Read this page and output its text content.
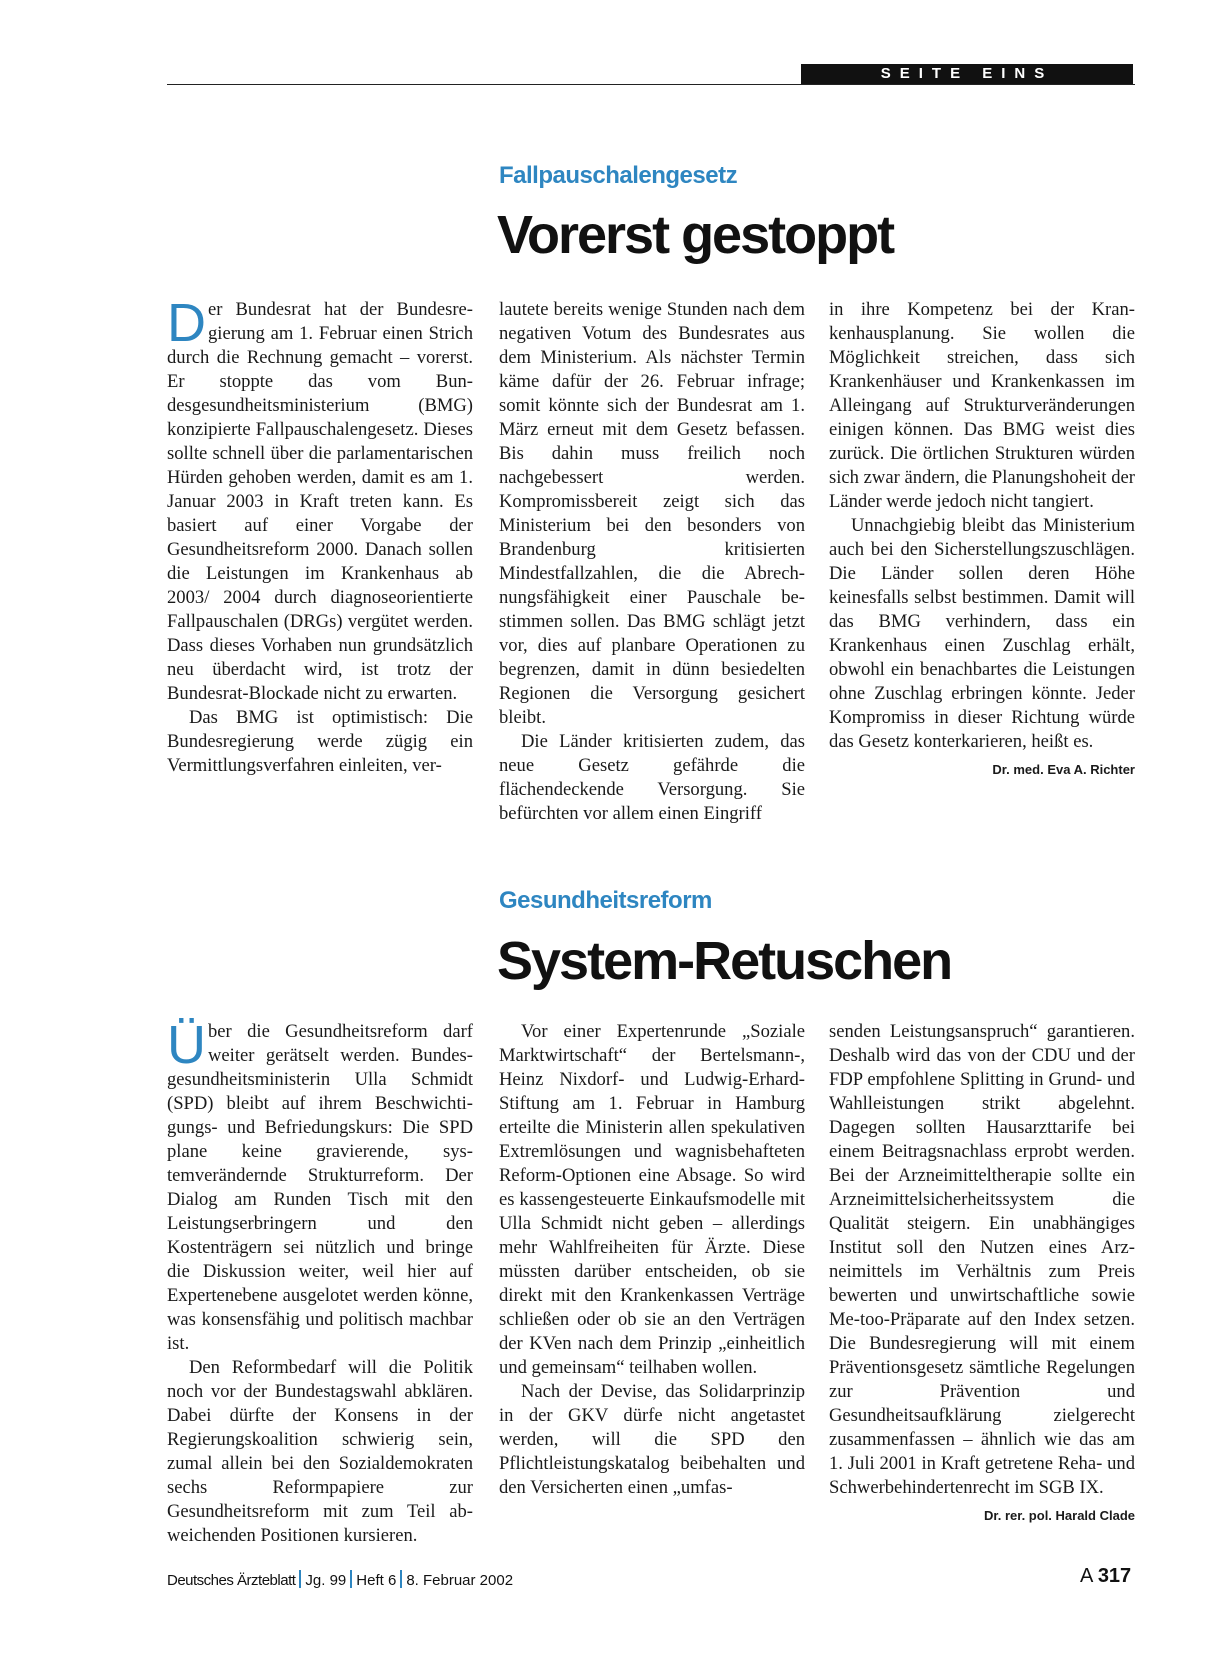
SEITE EINS
Fallpauschalengesetz
Vorerst gestoppt

Der Bundesrat hat der Bundesregierung am 1. Februar einen Strich durch die Rechnung gemacht – vorerst. Er stoppte das vom Bundesgesundheitsministerium (BMG) konzipierte Fallpauschalengesetz. Dieses sollte schnell über die parlamentarischen Hürden gehoben werden, damit es am 1. Januar 2003 in Kraft treten kann. Es basiert auf einer Vorgabe der Gesundheitsreform 2000. Danach sollen die Leistungen im Krankenhaus ab 2003/ 2004 durch diagnoseorientierte Fallpauschalen (DRGs) vergütet werden. Dass dieses Vorhaben nun grundsätzlich neu überdacht wird, ist trotz der Bundesrat-Blockade nicht zu erwarten.

Das BMG ist optimistisch: Die Bundesregierung werde zügig ein Vermittlungsverfahren einleiten, ver-

lautete bereits wenige Stunden nach dem negativen Votum des Bundesrates aus dem Ministerium. Als nächster Termin käme dafür der 26. Februar infrage; somit könnte sich der Bundesrat am 1. März erneut mit dem Gesetz befassen. Bis dahin muss freilich noch nachgebessert werden. Kompromissbereit zeigt sich das Ministerium bei den besonders von Brandenburg kritisierten Mindestfallzahlen, die die Abrechnungsfähigkeit einer Pauschale bestimmen sollen. Das BMG schlägt jetzt vor, dies auf planbare Operationen zu begrenzen, damit in dünn besiedelten Regionen die Versorgung gesichert bleibt.

Die Länder kritisierten zudem, das neue Gesetz gefährde die flächendeckende Versorgung. Sie befürchten vor allem einen Eingriff

in ihre Kompetenz bei der Krankenhausplanung. Sie wollen die Möglichkeit streichen, dass sich Krankenhäuser und Krankenkassen im Alleingang auf Strukturveränderungen einigen können. Das BMG weist dies zurück. Die örtlichen Strukturen würden sich zwar ändern, die Planungshoheit der Länder werde jedoch nicht tangiert.

Unnachgiebig bleibt das Ministerium auch bei den Sicherstellungszuschlägen. Die Länder sollen deren Höhe keinesfalls selbst bestimmen. Damit will das BMG verhindern, dass ein Krankenhaus einen Zuschlag erhält, obwohl ein benachbartes die Leistungen ohne Zuschlag erbringen könnte. Jeder Kompromiss in dieser Richtung würde das Gesetz konterkarieren, heißt es.
Dr. med. Eva A. Richter

Gesundheitsreform
System-Retuschen

Über die Gesundheitsreform darf weiter gerätselt werden. Bundesgesundheitsministerin Ulla Schmidt (SPD) bleibt auf ihrem Beschwichtigungs- und Befriedungskurs: Die SPD plane keine gravierende, systemverändernde Strukturreform. Der Dialog am Runden Tisch mit den Leistungserbringern und den Kostenträgern sei nützlich und bringe die Diskussion weiter, weil hier auf Expertenebene ausgelotet werden könne, was konsensfähig und politisch machbar ist.

Den Reformbedarf will die Politik noch vor der Bundestagswahl abklären. Dabei dürfte der Konsens in der Regierungskoalition schwierig sein, zumal allein bei den Sozialdemokraten sechs Reformpapiere zur Gesundheitsreform mit zum Teil abweichenden Positionen kursieren.

Vor einer Expertenrunde „Soziale Marktwirtschaft“ der Bertelsmann-, Heinz Nixdorf- und Ludwig-Erhard-Stiftung am 1. Februar in Hamburg erteilte die Ministerin allen spekulativen Extremlösungen und wagnisbehafteten Reform-Optionen eine Absage. So wird es kassengesteuerte Einkaufsmodelle mit Ulla Schmidt nicht geben – allerdings mehr Wahlfreiheiten für Ärzte. Diese müssten darüber entscheiden, ob sie direkt mit den Krankenkassen Verträge schließen oder ob sie an den Verträgen der KVen nach dem Prinzip „einheitlich und gemeinsam“ teilhaben wollen.

Nach der Devise, das Solidarprinzip in der GKV dürfe nicht angetastet werden, will die SPD den Pflichtleistungskatalog beibehalten und den Versicherten einen „umfas-

senden Leistungsanspruch“ garantieren. Deshalb wird das von der CDU und der FDP empfohlene Splitting in Grund- und Wahlleistungen strikt abgelehnt. Dagegen sollten Hausarzttarife bei einem Beitragsnachlass erprobt werden. Bei der Arzneimitteltherapie sollte ein Arzneimittelsicherheitssystem die Qualität steigern. Ein unabhängiges Institut soll den Nutzen eines Arzneimittels im Verhältnis zum Preis bewerten und unwirtschaftliche sowie Me-too-Präparate auf den Index setzen. Die Bundesregierung will mit einem Präventionsgesetz sämtliche Regelungen zur Prävention und Gesundheitsaufklärung zielgerecht zusammenfassen – ähnlich wie das am 1. Juli 2001 in Kraft getretene Reha- und Schwerbehindertenrecht im SGB IX.
Dr. rer. pol. Harald Clade

Deutsches Ärzteblatt Jg. 99 Heft 6 8. Februar 2002	A 317
